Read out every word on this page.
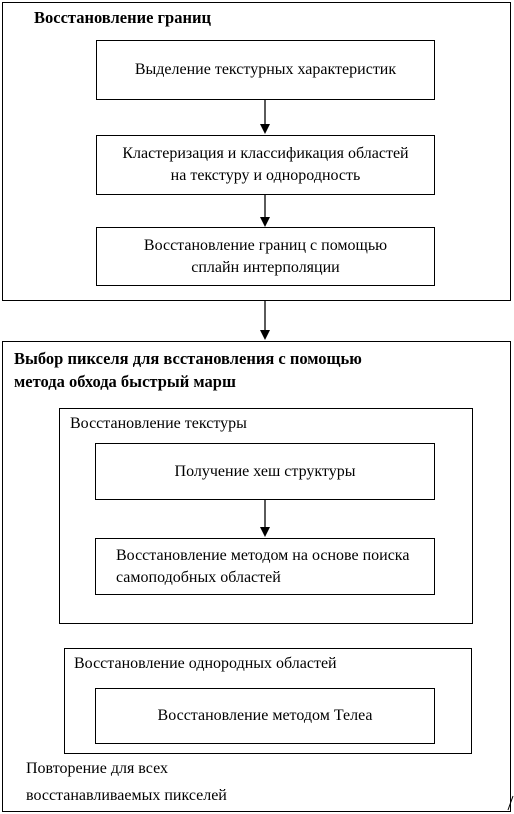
Восстановление границ
Выделение текстурных характеристик
Кластеризация и классификация областей на текстуру и однородность
Восстановление границ с помощью сплайн интерполяции
Выбор пикселя для всстановления с помощью метода обхода быстрый марш
Восстановление текстуры
Получение хеш структуры
Восстановление методом на основе поиска самоподобных областей
Восстановление однородных областей
Восстановление методом Телеа
Повторение для всех
восстанавливаемых пикселей
